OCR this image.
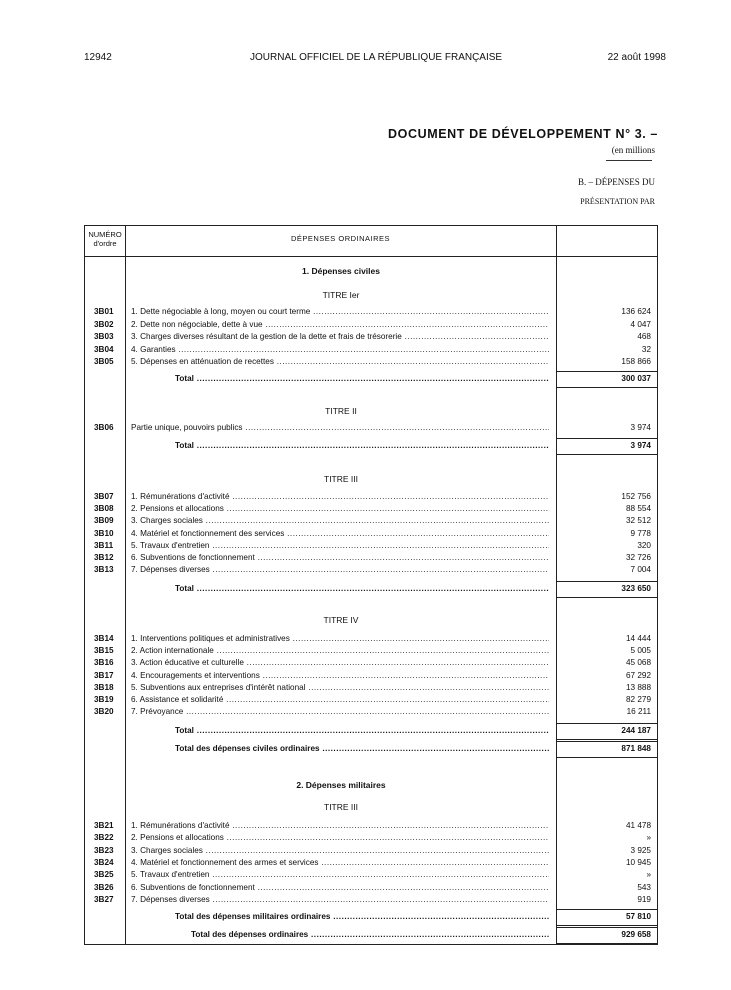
12942	JOURNAL OFFICIEL DE LA RÉPUBLIQUE FRANÇAISE	22 août 1998
DOCUMENT DE DÉVELOPPEMENT N° 3. –
(en millions
B. – DÉPENSES DU
PRÉSENTATION PAR
NUMÉRO d'ordre
DÉPENSES ORDINAIRES
1. Dépenses civiles
TITRE Ier
3B01 1. Dette négociable à long, moyen ou court terme .....	136 624
3B02 2. Dette non négociable, dette à vue .....	4 047
3B03 3. Charges diverses résultant de la gestion de la dette et frais de trésorerie .....	468
3B04 4. Garanties .....	32
3B05 5. Dépenses en atténuation de recettes .....	158 866
Total .....	300 037
TITRE II
3B06 Partie unique, pouvoirs publics .....	3 974
Total .....	3 974
TITRE III
3B07 1. Rémunérations d'activité .....	152 756
3B08 2. Pensions et allocations .....	88 554
3B09 3. Charges sociales .....	32 512
3B10 4. Matériel et fonctionnement des services .....	9 778
3B11 5. Travaux d'entretien .....	320
3B12 6. Subventions de fonctionnement .....	32 726
3B13 7. Dépenses diverses .....	7 004
Total .....	323 650
TITRE IV
3B14 1. Interventions politiques et administratives .....	14 444
3B15 2. Action internationale .....	5 005
3B16 3. Action éducative et culturelle .....	45 068
3B17 4. Encouragements et interventions .....	67 292
3B18 5. Subventions aux entreprises d'intérêt national .....	13 888
3B19 6. Assistance et solidarité .....	82 279
3B20 7. Prévoyance .....	16 211
Total .....	244 187
Total des dépenses civiles ordinaires .....	871 848
2. Dépenses militaires
TITRE III
3B21 1. Rémunérations d'activité .....	41 478
3B22 2. Pensions et allocations .....	»
3B23 3. Charges sociales .....	3 925
3B24 4. Matériel et fonctionnement des armes et services .....	10 945
3B25 5. Travaux d'entretien .....	»
3B26 6. Subventions de fonctionnement .....	543
3B27 7. Dépenses diverses .....	919
Total des dépenses militaires ordinaires .....	57 810
Total des dépenses ordinaires .....	929 658
